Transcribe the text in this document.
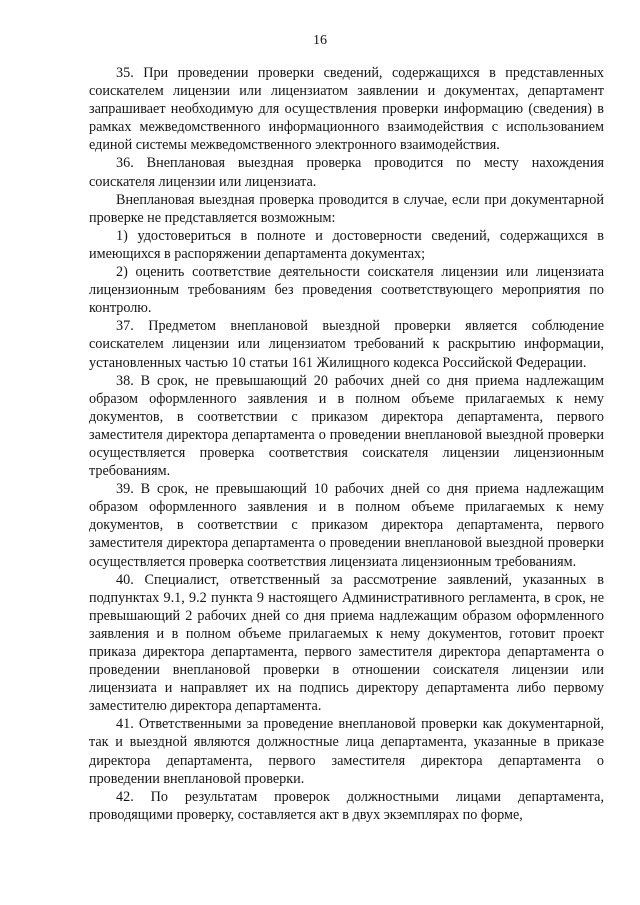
16

35. При проведении проверки сведений, содержащихся в представленных соискателем лицензии или лицензиатом заявлении и документах, департамент запрашивает необходимую для осуществления проверки информацию (сведения) в рамках межведомственного информационного взаимодействия с использованием единой системы межведомственного электронного взаимодействия.

36. Внеплановая выездная проверка проводится по месту нахождения соискателя лицензии или лицензиата.

Внеплановая выездная проверка проводится в случае, если при документарной проверке не представляется возможным:

1) удостовериться в полноте и достоверности сведений, содержащихся в имеющихся в распоряжении департамента документах;

2) оценить соответствие деятельности соискателя лицензии или лицензиата лицензионным требованиям без проведения соответствующего мероприятия по контролю.

37. Предметом внеплановой выездной проверки является соблюдение соискателем лицензии или лицензиатом требований к раскрытию информации, установленных частью 10 статьи 161 Жилищного кодекса Российской Федерации.

38. В срок, не превышающий 20 рабочих дней со дня приема надлежащим образом оформленного заявления и в полном объеме прилагаемых к нему документов, в соответствии с приказом директора департамента, первого заместителя директора департамента о проведении внеплановой выездной проверки осуществляется проверка соответствия соискателя лицензии лицензионным требованиям.

39. В срок, не превышающий 10 рабочих дней со дня приема надлежащим образом оформленного заявления и в полном объеме прилагаемых к нему документов, в соответствии с приказом директора департамента, первого заместителя директора департамента о проведении внеплановой выездной проверки осуществляется проверка соответствия лицензиата лицензионным требованиям.

40. Специалист, ответственный за рассмотрение заявлений, указанных в подпунктах 9.1, 9.2 пункта 9 настоящего Административного регламента, в срок, не превышающий 2 рабочих дней со дня приема надлежащим образом оформленного заявления и в полном объеме прилагаемых к нему документов, готовит проект приказа директора департамента, первого заместителя директора департамента о проведении внеплановой проверки в отношении соискателя лицензии или лицензиата и направляет их на подпись директору департамента либо первому заместителю директора департамента.

41. Ответственными за проведение внеплановой проверки как документарной, так и выездной являются должностные лица департамента, указанные в приказе директора департамента, первого заместителя директора департамента о проведении внеплановой проверки.

42. По результатам проверок должностными лицами департамента, проводящими проверку, составляется акт в двух экземплярах по форме,
